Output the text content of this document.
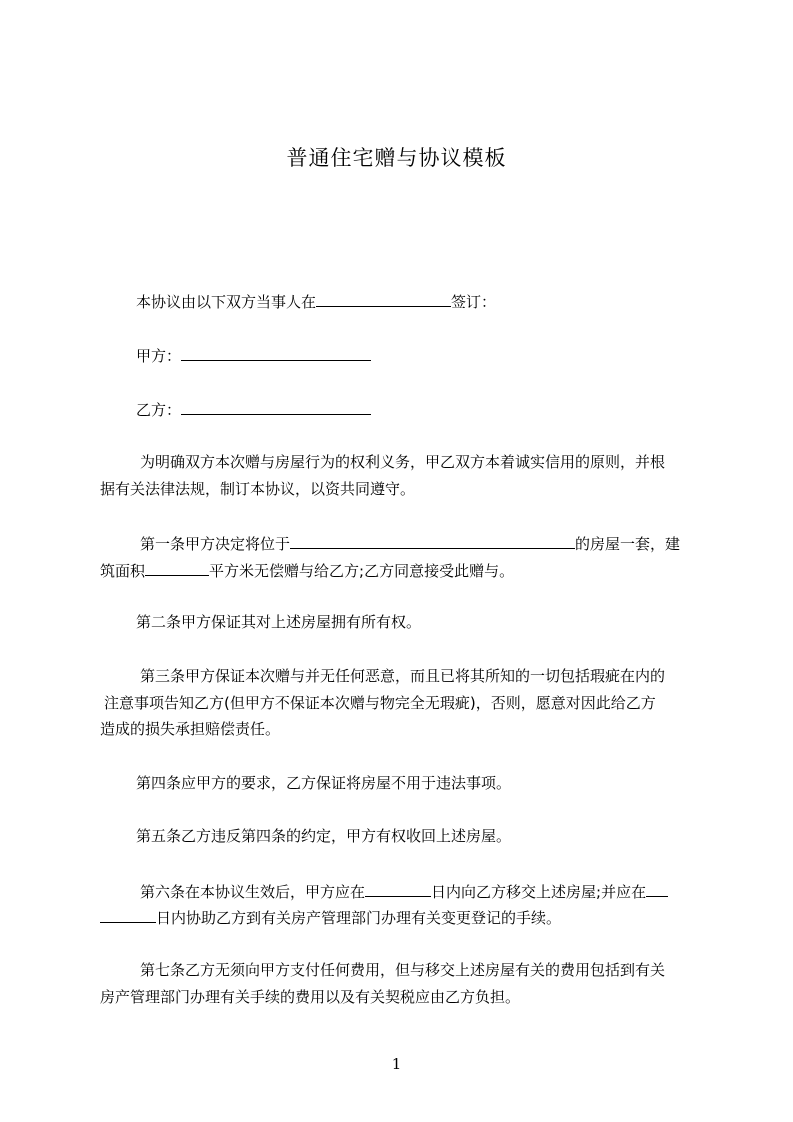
普通住宅赠与协议模板
本协议由以下双方当事人在	签订：
甲方：
乙方：
为明确双方本次赠与房屋行为的权利义务，甲乙双方本着诚实信用的原则，并根
据有关法律法规，制订本协议，以资共同遵守。
第一条甲方决定将位于	的房屋一套，建
筑面积	平方米无偿赠与给乙方;乙方同意接受此赠与。
第二条甲方保证其对上述房屋拥有所有权。
第三条甲方保证本次赠与并无任何恶意，而且已将其所知的一切包括瑕疵在内的
注意事项告知乙方(但甲方不保证本次赠与物完全无瑕疵)，否则，愿意对因此给乙方
造成的损失承担赔偿责任。
第四条应甲方的要求，乙方保证将房屋不用于违法事项。
第五条乙方违反第四条的约定，甲方有权收回上述房屋。
第六条在本协议生效后，甲方应在	日内向乙方移交上述房屋;并应在
日内协助乙方到有关房产管理部门办理有关变更登记的手续。
第七条乙方无须向甲方支付任何费用，但与移交上述房屋有关的费用包括到有关
房产管理部门办理有关手续的费用以及有关契税应由乙方负担。
1
